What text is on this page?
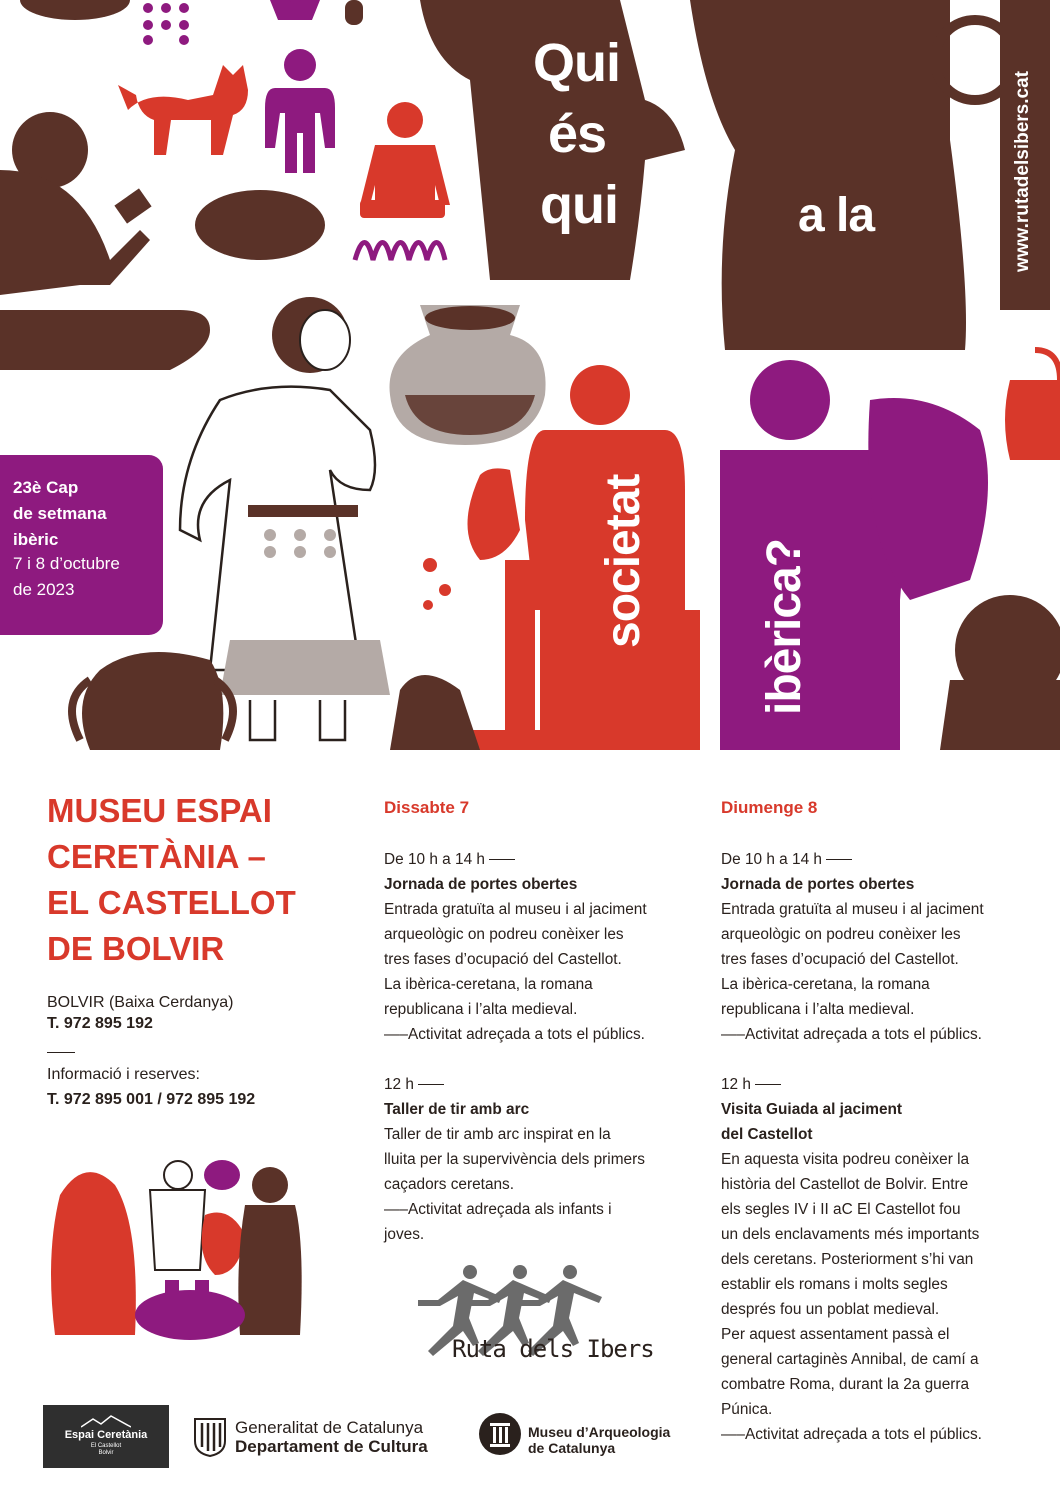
Qui
és
qui	a la
societat ibèrica?
www.rutadelsibers.cat
23è Cap
de setmana
ibèric
7 i 8 d’octubre
de 2023
MUSEU ESPAI
CERETÀNIA –
EL CASTELLOT
DE BOLVIR
BOLVIR (Baixa Cerdanya)
T. 972 895 192
Informació i reserves:
T. 972 895 001 / 972 895 192
Dissabte 7
De 10 h a 14 h
Jornada de portes obertes
Entrada gratuïta al museu i al jaciment
arqueològic on podreu conèixer les
tres fases d’ocupació del Castellot.
La ibèrica-ceretana, la romana
republicana i l’alta medieval.
—–Activitat adreçada a tots el públics.
12 h
Taller de tir amb arc
Taller de tir amb arc inspirat en la
lluita per la supervivència dels primers
caçadors ceretans.
—–Activitat adreçada als infants i
joves.
Diumenge 8
De 10 h a 14 h
Jornada de portes obertes
Entrada gratuïta al museu i al jaciment
arqueològic on podreu conèixer les
tres fases d’ocupació del Castellot.
La ibèrica-ceretana, la romana
republicana i l’alta medieval.
—–Activitat adreçada a tots el públics.
12 h
Visita Guiada al jaciment
del Castellot
En aquesta visita podreu conèixer la
història del Castellot de Bolvir. Entre
els segles IV i II aC El Castellot fou
un dels enclavaments més importants
dels ceretans. Posteriorment s’hi van
establir els romans i molts segles
després fou un poblat medieval.
Per aquest assentament passà el
general cartaginès Annibal, de camí a
combatre Roma, durant la 2a guerra
Púnica.
—–Activitat adreçada a tots el públics.
Ruta dels Ibers
Espai Ceretània
El Castellot
Bolvir
Generalitat de Catalunya
Departament de Cultura
Museu d’Arqueologia
de Catalunya
